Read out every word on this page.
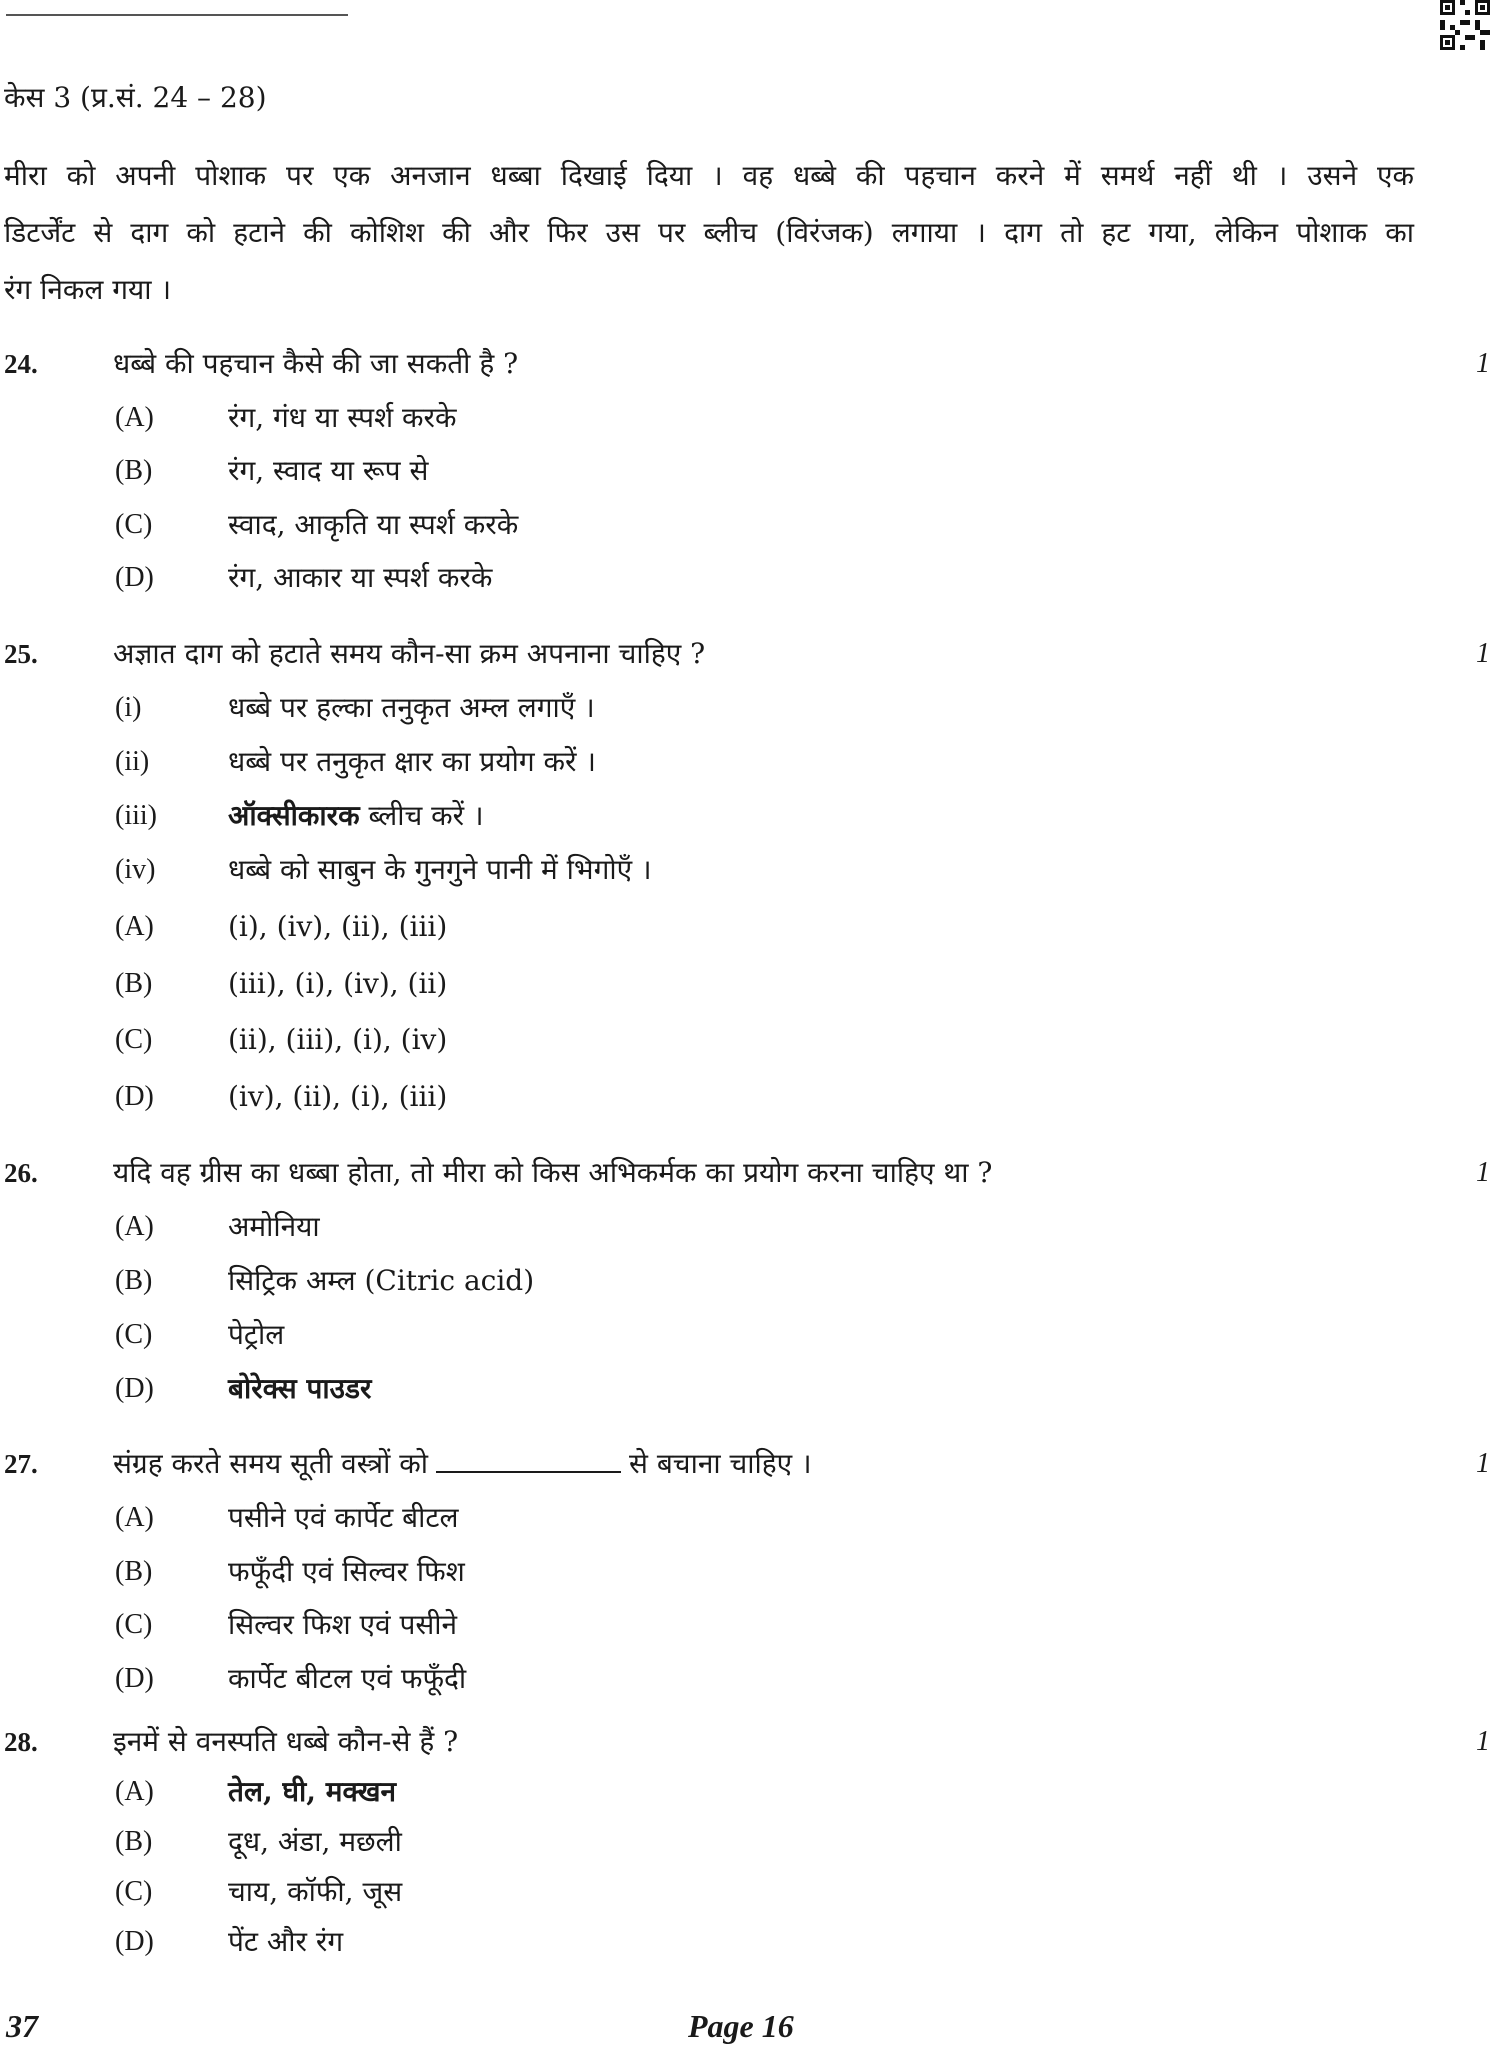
केस 3 (प्र.सं. 24 – 28)
मीरा को अपनी पोशाक पर एक अनजान धब्बा दिखाई दिया । वह धब्बे की पहचान करने में समर्थ नहीं थी । उसने एक
डिटर्जेंट से दाग को हटाने की कोशिश की और फिर उस पर ब्लीच (विरंजक) लगाया । दाग तो हट गया, लेकिन पोशाक का
रंग निकल गया ।
24.	धब्बे की पहचान कैसे की जा सकती है ?	1
(A)	रंग, गंध या स्पर्श करके
(B)	रंग, स्वाद या रूप से
(C)	स्वाद, आकृति या स्पर्श करके
(D)	रंग, आकार या स्पर्श करके
25.	अज्ञात दाग को हटाते समय कौन-सा क्रम अपनाना चाहिए ?	1
(i)	धब्बे पर हल्का तनुकृत अम्ल लगाएँ ।
(ii)	धब्बे पर तनुकृत क्षार का प्रयोग करें ।
(iii)	ऑक्सीकारक ब्लीच करें ।
(iv)	धब्बे को साबुन के गुनगुने पानी में भिगोएँ ।
(A)	(i), (iv), (ii), (iii)
(B)	(iii), (i), (iv), (ii)
(C)	(ii), (iii), (i), (iv)
(D)	(iv), (ii), (i), (iii)
26.	यदि वह ग्रीस का धब्बा होता, तो मीरा को किस अभिकर्मक का प्रयोग करना चाहिए था ?	1
(A)	अमोनिया
(B)	सिट्रिक अम्ल (Citric acid)
(C)	पेट्रोल
(D)	बोरेक्स पाउडर
27.	संग्रह करते समय सूती वस्त्रों को	से बचाना चाहिए ।	1
(A)	पसीने एवं कार्पेट बीटल
(B)	फफूँदी एवं सिल्वर फिश
(C)	सिल्वर फिश एवं पसीने
(D)	कार्पेट बीटल एवं फफूँदी
28.	इनमें से वनस्पति धब्बे कौन-से हैं ?	1
(A)	तेल, घी, मक्खन
(B)	दूध, अंडा, मछली
(C)	चाय, कॉफी, जूस
(D)	पेंट और रंग
37	Page 16
